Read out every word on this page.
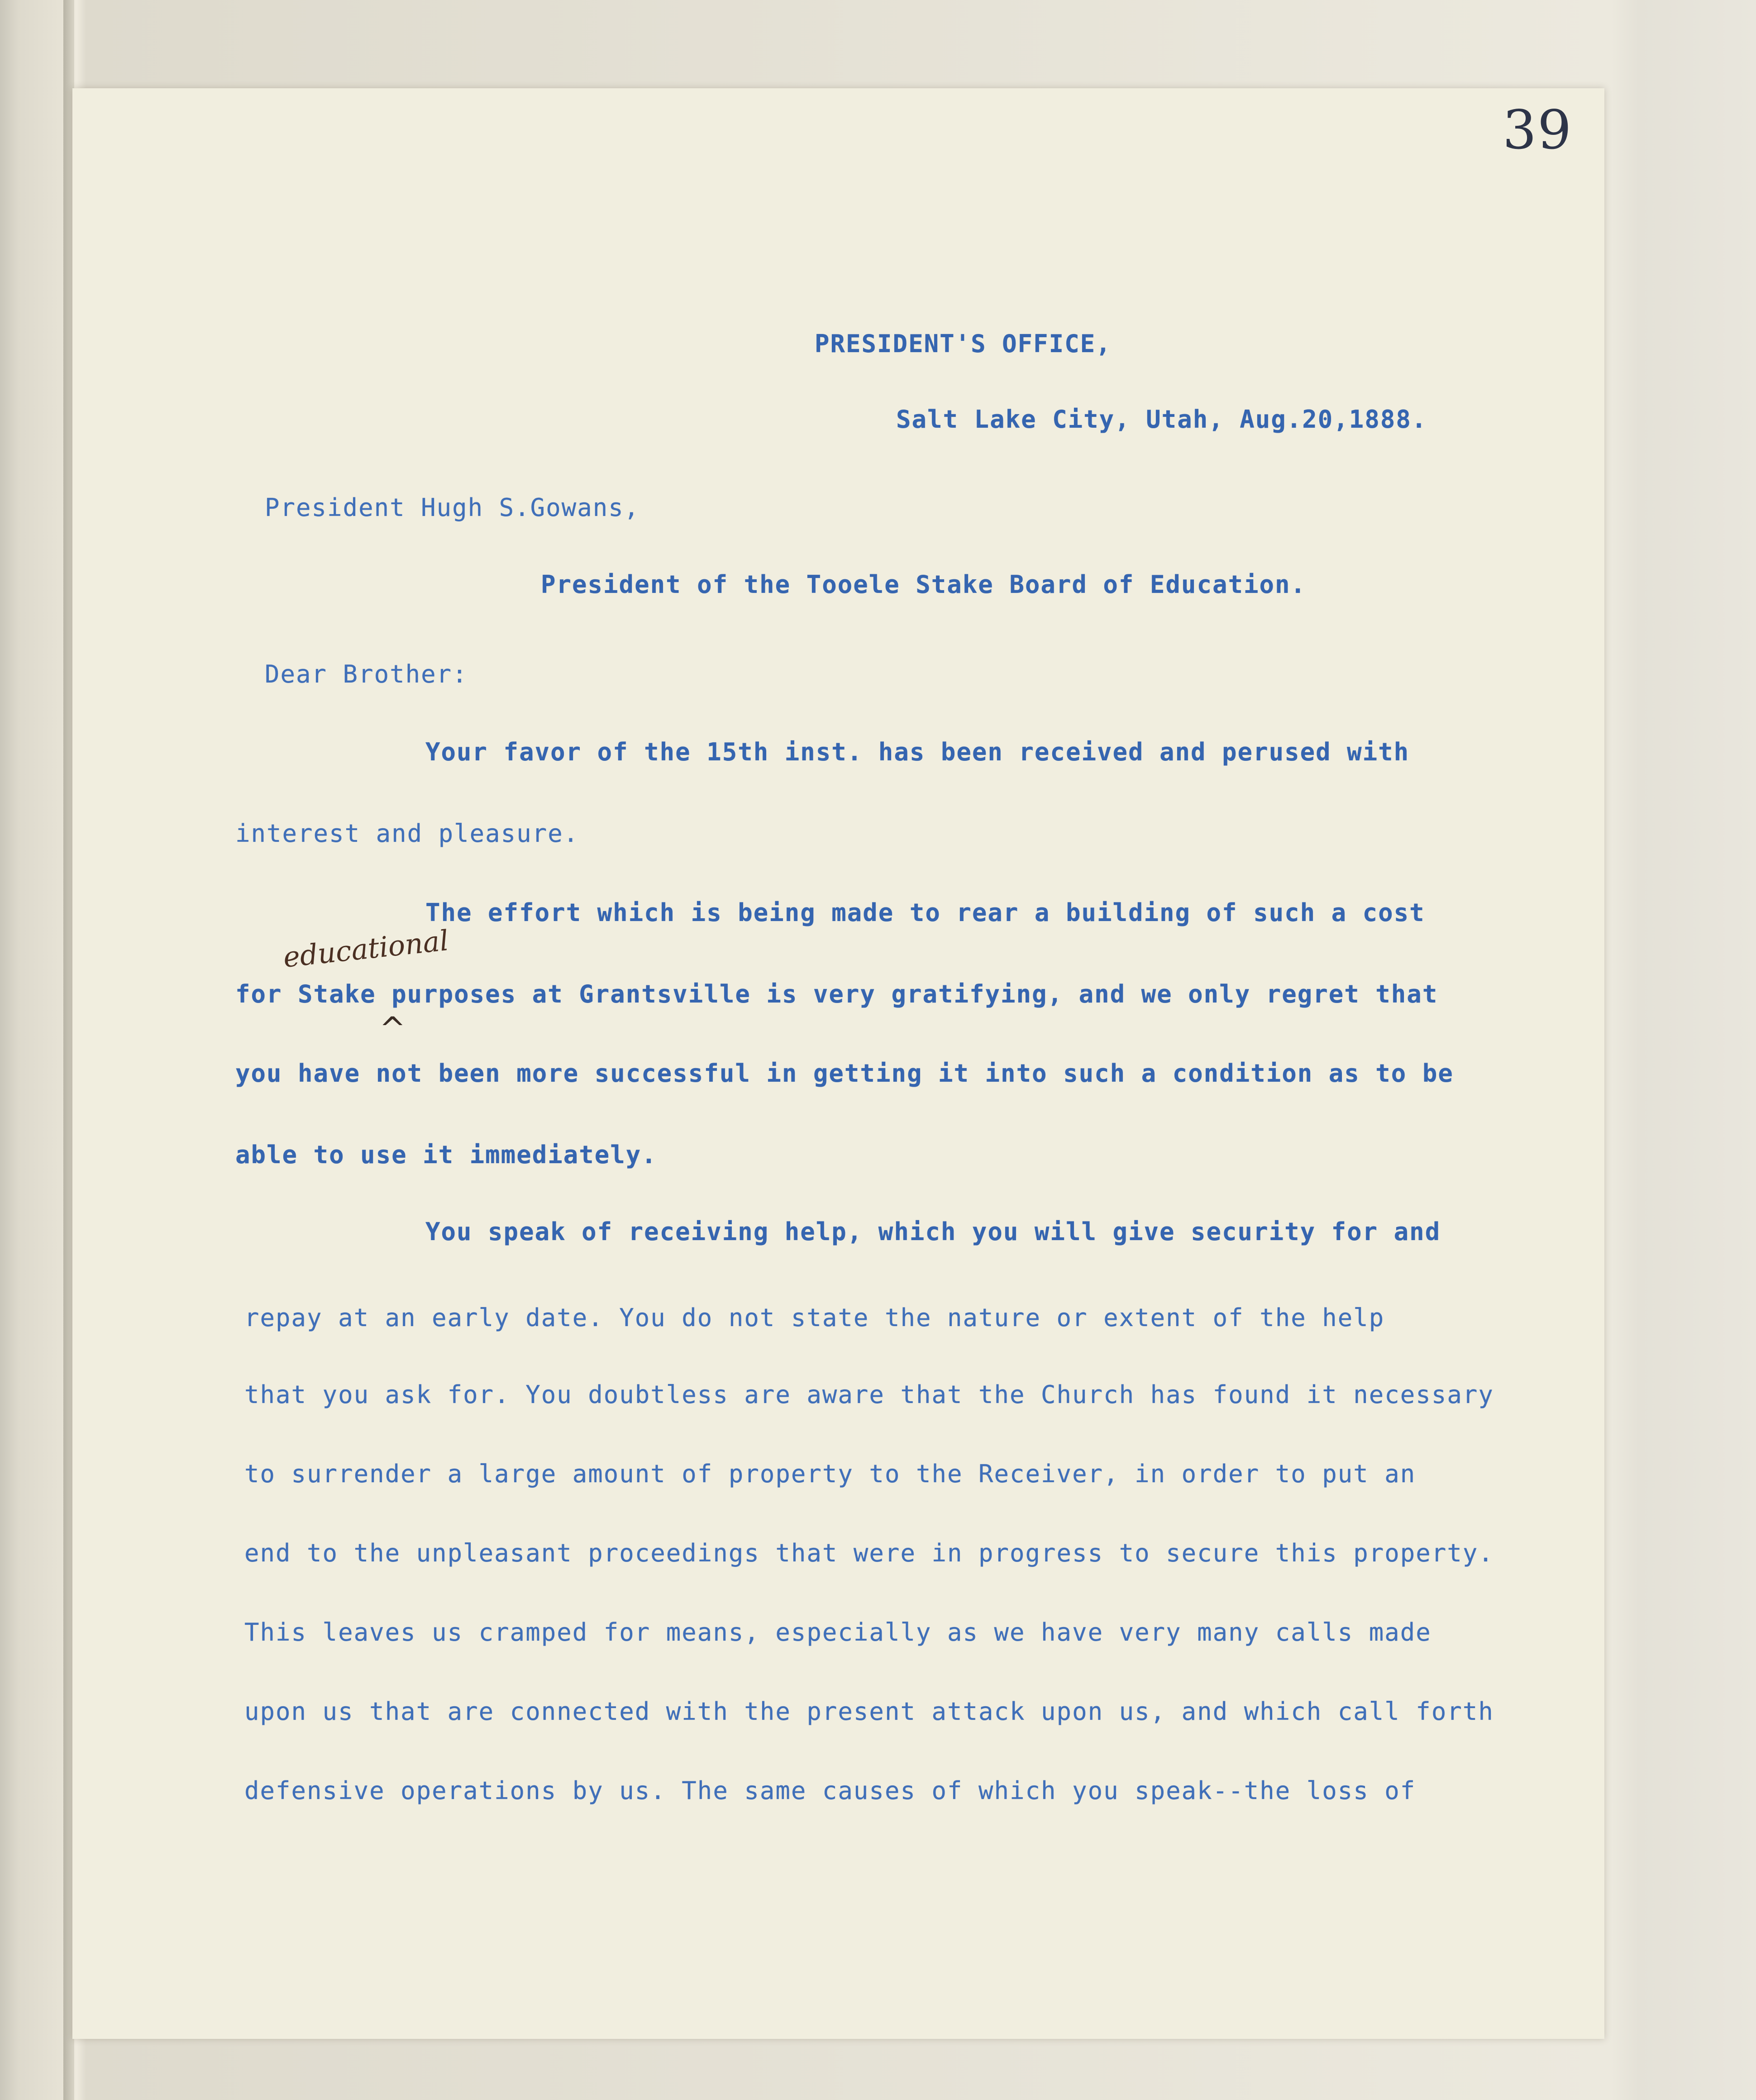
39
PRESIDENT'S OFFICE,
Salt Lake City, Utah, Aug.20,1888.
President Hugh S.Gowans,
President of the Tooele Stake Board of Education.
Dear Brother:
Your favor of the 15th inst. has been received and perused with
interest and pleasure.
The effort which is being made to rear a building of such a cost
educational
for Stake purposes at Grantsville is very gratifying, and we only regret that
^
you have not been more successful in getting it into such a condition as to be
able to use it immediately.
You speak of receiving help, which you will give security for and
repay at an early date. You do not state the nature or extent of the help
that you ask for. You doubtless are aware that the Church has found it necessary
to surrender a large amount of property to the Receiver, in order to put an
end to the unpleasant proceedings that were in progress to secure this property.
This leaves us cramped for means, especially as we have very many calls made
upon us that are connected with the present attack upon us, and which call forth
defensive operations by us. The same causes of which you speak--the loss of
